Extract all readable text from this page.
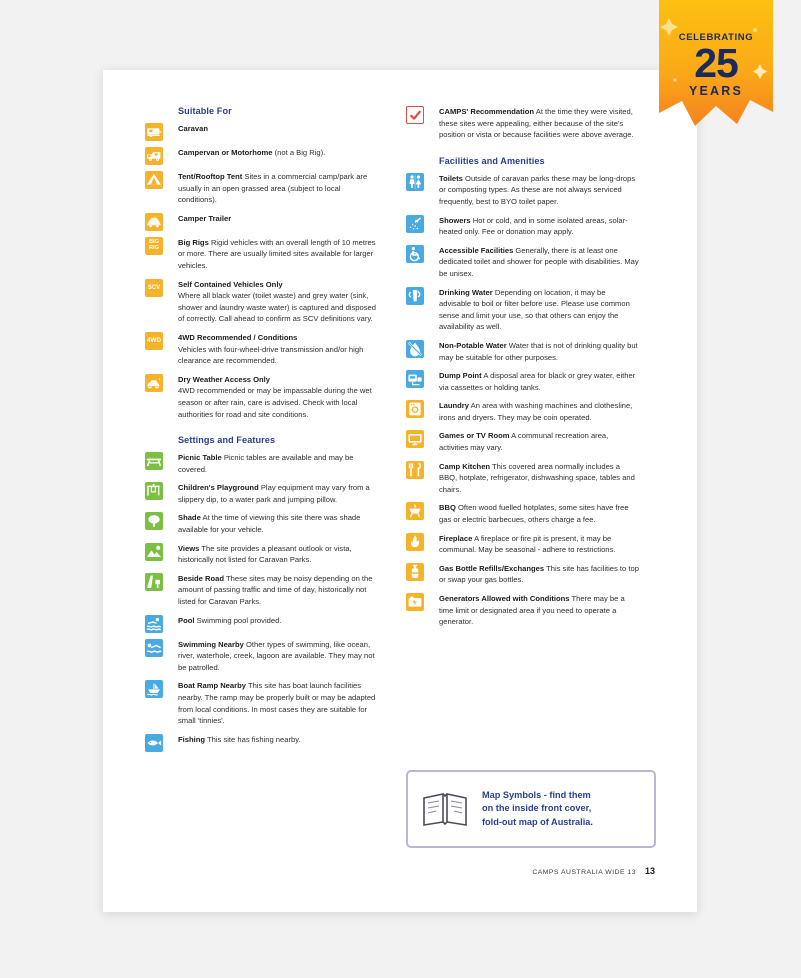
Suitable For
Caravan
Campervan or Motorhome (not a Big Rig).
Tent/Rooftop Tent Sites in a commercial camp/park are usually in an open grassed area (subject to local conditions).
Camper Trailer
BIG
RIG
Big Rigs Rigid vehicles with an overall length of 10 metres or more. There are usually limited sites available for larger vehicles.
SCV Self Contained Vehicles Only
Where all black water (toilet waste) and grey water (sink, shower and laundry waste water) is captured and disposed of correctly. Call ahead to confirm as SCV definitions vary.
4WD 4WD Recommended / Conditions
Vehicles with four-wheel-drive transmission and/or high clearance are recommended.
Dry Weather Access Only
4WD recommended or may be impassable during the wet season or after rain, care is advised. Check with local authorities for road and site conditions.
Settings and Features
Picnic Table Picnic tables are available and may be covered.
Children's Playground Play equipment may vary from a slippery dip, to a water park and jumping pillow.
Shade At the time of viewing this site there was shade available for your vehicle.
Views The site provides a pleasant outlook or vista, historically not listed for Caravan Parks.
Beside Road These sites may be noisy depending on the amount of passing traffic and time of day, historically not listed for Caravan Parks.
Pool Swimming pool provided.
Swimming Nearby Other types of swimming, like ocean, river, waterhole, creek, lagoon are available. They may not be patrolled.
Boat Ramp Nearby This site has boat launch facilities nearby. The ramp may be properly built or may be adapted from local conditions. In most cases they are suitable for small 'tinnies'.
Fishing This site has fishing nearby.
CAMPS' Recommendation At the time they were visited, these sites were appealing, either because of the site's position or vista or because facilities were above average.
Facilities and Amenities
Toilets Outside of caravan parks these may be long-drops or composting types. As these are not always serviced frequently, best to BYO toilet paper.
Showers Hot or cold, and in some isolated areas, solar-heated only. Fee or donation may apply.
Accessible Facilities Generally, there is at least one dedicated toilet and shower for people with disabilities. May be unisex.
Drinking Water Depending on location, it may be advisable to boil or filter before use. Please use common sense and limit your use, so that others can enjoy the availability as well.
Non-Potable Water Water that is not of drinking quality but may be suitable for other purposes.
Dump Point A disposal area for black or grey water, either via cassettes or holding tanks.
Laundry An area with washing machines and clothesline, irons and dryers. They may be coin operated.
Games or TV Room A communal recreation area, activities may vary.
Camp Kitchen This covered area normally includes a BBQ, hotplate, refrigerator, dishwashing space, tables and chairs.
BBQ Often wood fuelled hotplates, some sites have free gas or electric barbecues, others charge a fee.
Fireplace A fireplace or fire pit is present, it may be communal. May be seasonal - adhere to restrictions.
Gas Bottle Refills/Exchanges This site has facilities to top or swap your gas bottles.
Generators Allowed with Conditions There may be a time limit or designated area if you need to operate a generator.
Map Symbols - find them
on the inside front cover,
fold-out map of Australia.
CAMPS AUSTRALIA WIDE 13 13
CELEBRATING
25
YEARS
